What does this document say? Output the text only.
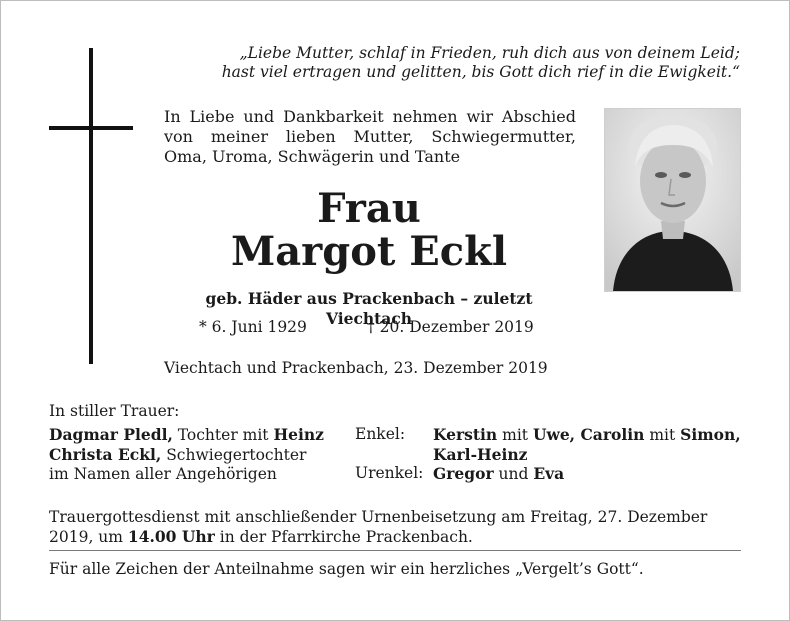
„Liebe Mutter, schlaf in Frieden, ruh dich aus von deinem Leid;
hast viel ertragen und gelitten, bis Gott dich rief in die Ewigkeit.“
In Liebe und Dankbarkeit nehmen wir Abschied
von meiner lieben Mutter, Schwiegermutter,
Oma, Uroma, Schwägerin und Tante
Frau
Margot Eckl
geb. Häder aus Prackenbach – zuletzt Viechtach
* 6. Juni 1929	† 20. Dezember 2019
Viechtach und Prackenbach, 23. Dezember 2019
In stiller Trauer:
Dagmar Pledl, Tochter mit Heinz
Christa Eckl, Schwiegertochter
im Namen aller Angehörigen
Enkel:	Kerstin mit Uwe, Carolin mit Simon,
Karl-Heinz
Urenkel: Gregor und Eva
Trauergottesdienst mit anschließender Urnenbeisetzung am Freitag, 27. Dezember 2019, um 14.00 Uhr in der Pfarrkirche Prackenbach.
Für alle Zeichen der Anteilnahme sagen wir ein herzliches „Vergelt’s Gott“.
